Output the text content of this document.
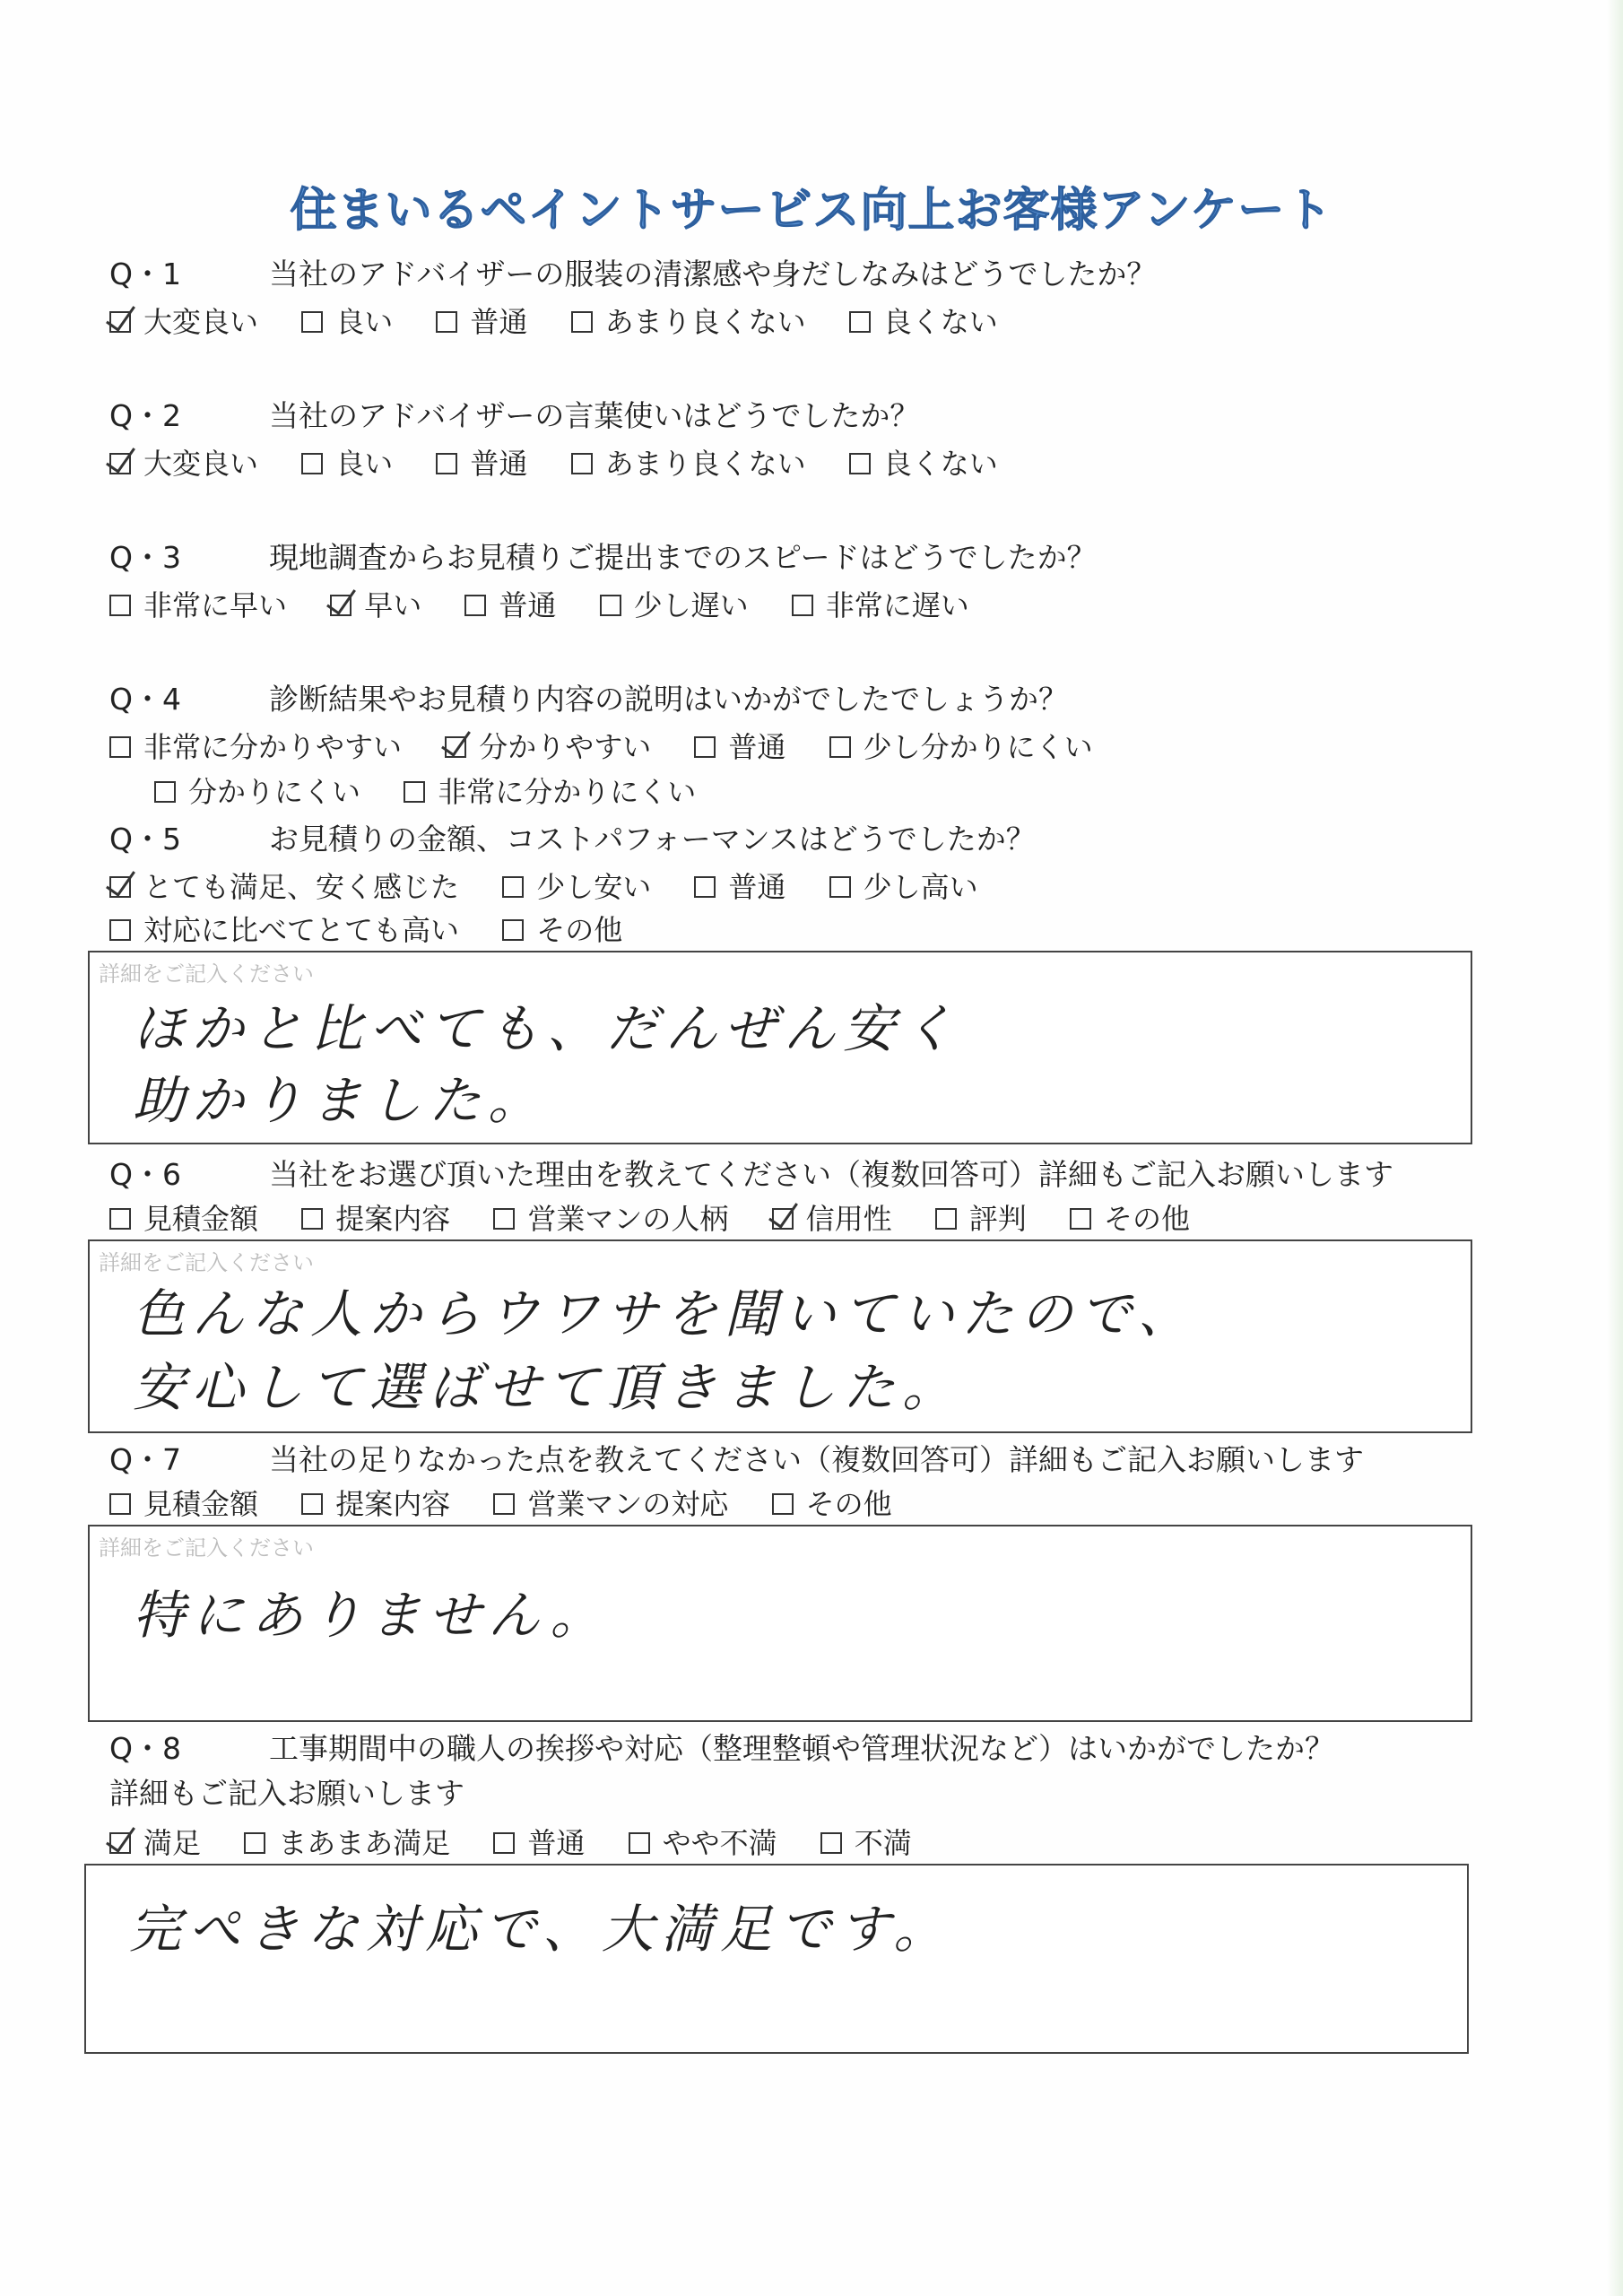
住まいるペイントサービス向上お客様アンケート
Q・1	当社のアドバイザーの服装の清潔感や身だしなみはどうでしたか？
大変良い	良い	普通	あまり良くない	良くない
Q・2	当社のアドバイザーの言葉使いはどうでしたか？
大変良い	良い	普通	あまり良くない	良くない
Q・3	現地調査からお見積りご提出までのスピードはどうでしたか？
非常に早い	早い	普通	少し遅い	非常に遅い
Q・4	診断結果やお見積り内容の説明はいかがでしたでしょうか？
非常に分かりやすい	分かりやすい	普通	少し分かりにくい
分かりにくい	非常に分かりにくい
Q・5	お見積りの金額、コストパフォーマンスはどうでしたか？
とても満足、安く感じた	少し安い	普通	少し高い
対応に比べてとても高い	その他
詳細をご記入ください
ほかと比べても、だんぜん安く
助かりました。
Q・6	当社をお選び頂いた理由を教えてください（複数回答可）詳細もご記入お願いします
見積金額	提案内容	営業マンの人柄	信用性	評判	その他
詳細をご記入ください
色んな人からウワサを聞いていたので、
安心して選ばせて頂きました。
Q・7	当社の足りなかった点を教えてください（複数回答可）詳細もご記入お願いします
見積金額	提案内容	営業マンの対応	その他
詳細をご記入ください
特にありません。
Q・8	工事期間中の職人の挨拶や対応（整理整頓や管理状況など）はいかがでしたか？
詳細もご記入お願いします
満足	まあまあ満足	普通	やや不満	不満
完ぺきな対応で、大満足です。
